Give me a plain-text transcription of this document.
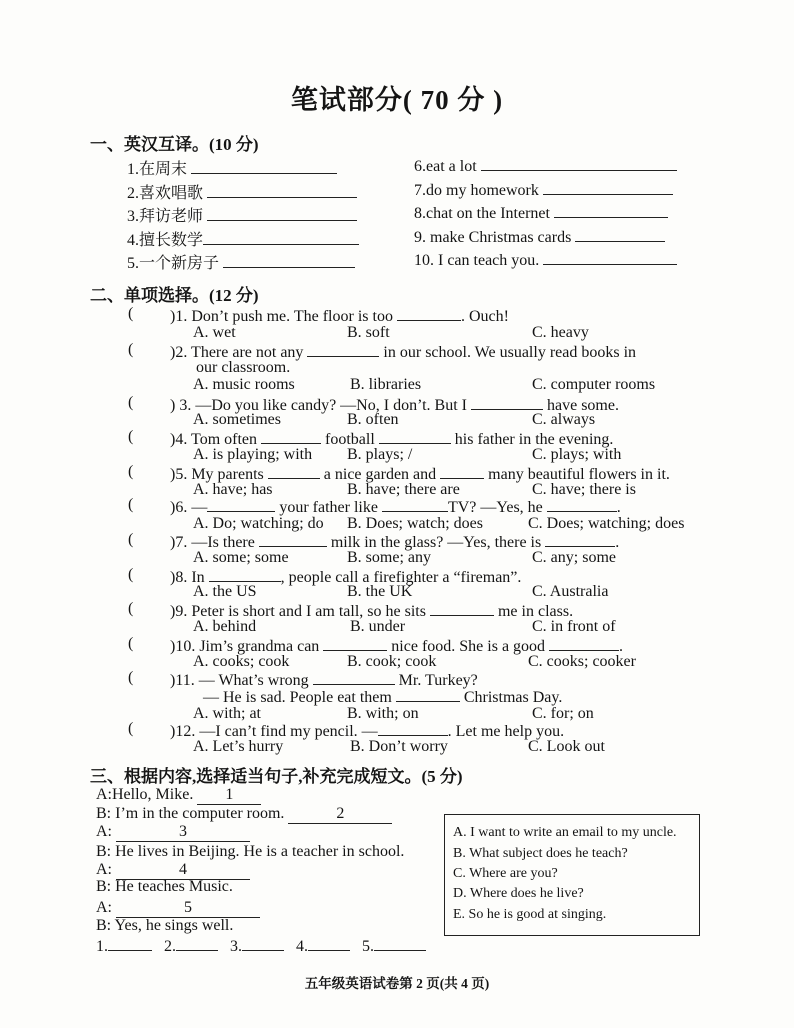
笔试部分( 70 分 )
一、英汉互译。(10 分)
1.在周末
2.喜欢唱歌
3.拜访老师
4.擅长数学
5.一个新房子
6.eat a lot
7.do my homework
8.chat on the Internet
9. make Christmas cards
10. I can teach you.
二、单项选择。(12 分)
( )1. Don’t push me. The floor is too	. Ouch!
A. wet	B. soft	C. heavy
( )2. There are not any	in our school. We usually read books in
our classroom.
A. music rooms	B. libraries	C. computer rooms
( ) 3. —Do you like candy? —No, I don’t. But I	have some.
A. sometimes	B. often	C. always
( )4. Tom often	football	his father in the evening.
A. is playing; with B. plays; /	C. plays; with
( )5. My parents	a nice garden and	many beautiful flowers in it.
A. have; has	B. have; there are	C. have; there is
( )6. —	your father like	TV? —Yes, he	.
A. Do; watching; do B. Does; watch; does	C. Does; watching; does
( )7. —Is there	milk in the glass? —Yes, there is	.
A. some; some	B. some; any	C. any; some
( )8. In	, people call a firefighter a “fireman”.
A. the US	B. the UK	C. Australia
( )9. Peter is short and I am tall, so he sits	me in class.
A. behind	B. under	C. in front of
( )10. Jim’s grandma can	nice food. She is a good	.
A. cooks; cook	B. cook; cook	C. cooks; cooker
( )11. — What’s wrong	Mr. Turkey?
— He is sad. People eat them	Christmas Day.
A. with; at	B. with; on	C. for; on
( )12. —I can’t find my pencil. —	. Let me help you.
A. Let’s hurry	B. Don’t worry	C. Look out
三、根据内容,选择适当句子,补充完成短文。(5 分)
A:Hello, Mike. 1
B: I’m in the computer room.	2
A:	3
B: He lives in Beijing. He is a teacher in school.
A:	4
B: He teaches Music.
A:	5
B: Yes, he sings well.
1.	2.	3.	4.	5.
A. I want to write an email to my uncle.
B. What subject does he teach?
C. Where are you?
D. Where does he live?
E. So he is good at singing.
五年级英语试卷第 2 页(共 4 页)
